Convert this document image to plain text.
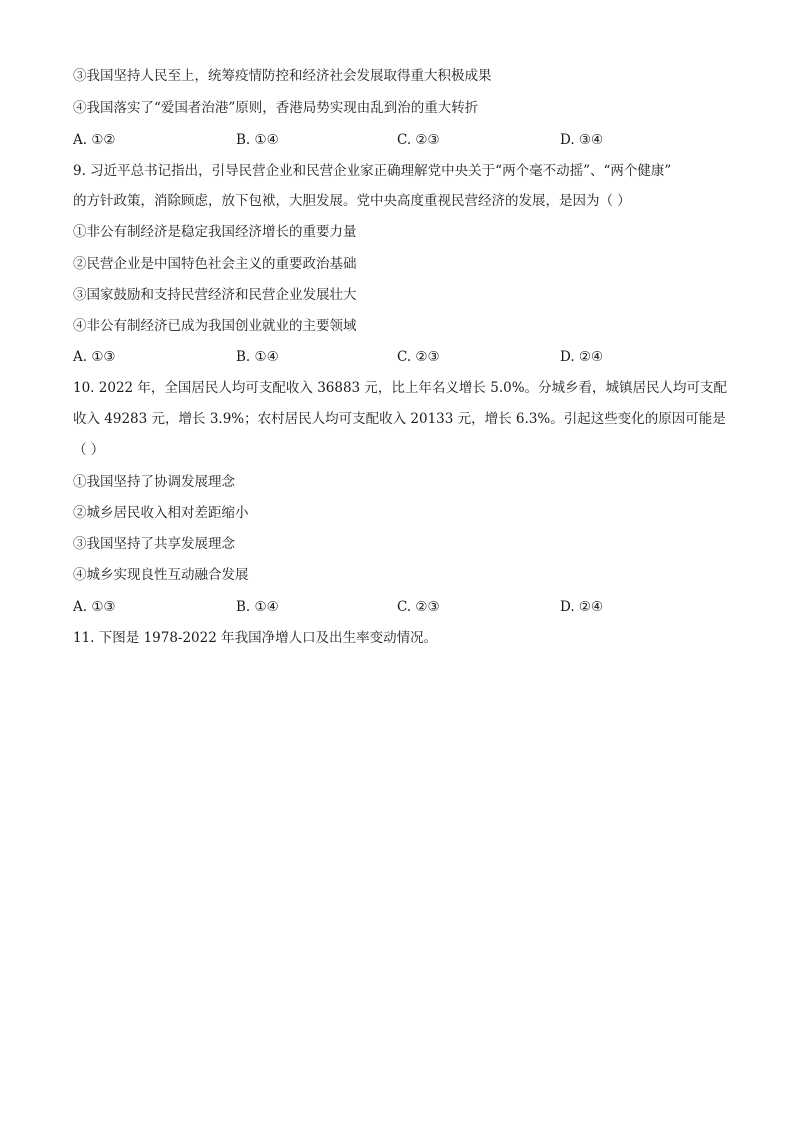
③我国坚持人民至上，统筹疫情防控和经济社会发展取得重大积极成果
④我国落实了“爱国者治港”原则，香港局势实现由乱到治的重大转折
A. ①②	B. ①④	C. ②③	D. ③④
9. 习近平总书记指出，引导民营企业和民营企业家正确理解党中央关于“两个毫不动摇”、“两个健康”
的方针政策，消除顾虑，放下包袱，大胆发展。党中央高度重视民营经济的发展，是因为（ ）
①非公有制经济是稳定我国经济增长的重要力量
②民营企业是中国特色社会主义的重要政治基础
③国家鼓励和支持民营经济和民营企业发展壮大
④非公有制经济已成为我国创业就业的主要领域
A. ①③	B. ①④	C. ②③	D. ②④
10. 2022 年，全国居民人均可支配收入 36883 元，比上年名义增长 5.0%。分城乡看，城镇居民人均可支配
收入 49283 元，增长 3.9%；农村居民人均可支配收入 20133 元，增长 6.3%。引起这些变化的原因可能是
（ ）
①我国坚持了协调发展理念
②城乡居民收入相对差距缩小
③我国坚持了共享发展理念
④城乡实现良性互动融合发展
A. ①③	B. ①④	C. ②③	D. ②④
11. 下图是 1978-2022 年我国净增人口及出生率变动情况。
